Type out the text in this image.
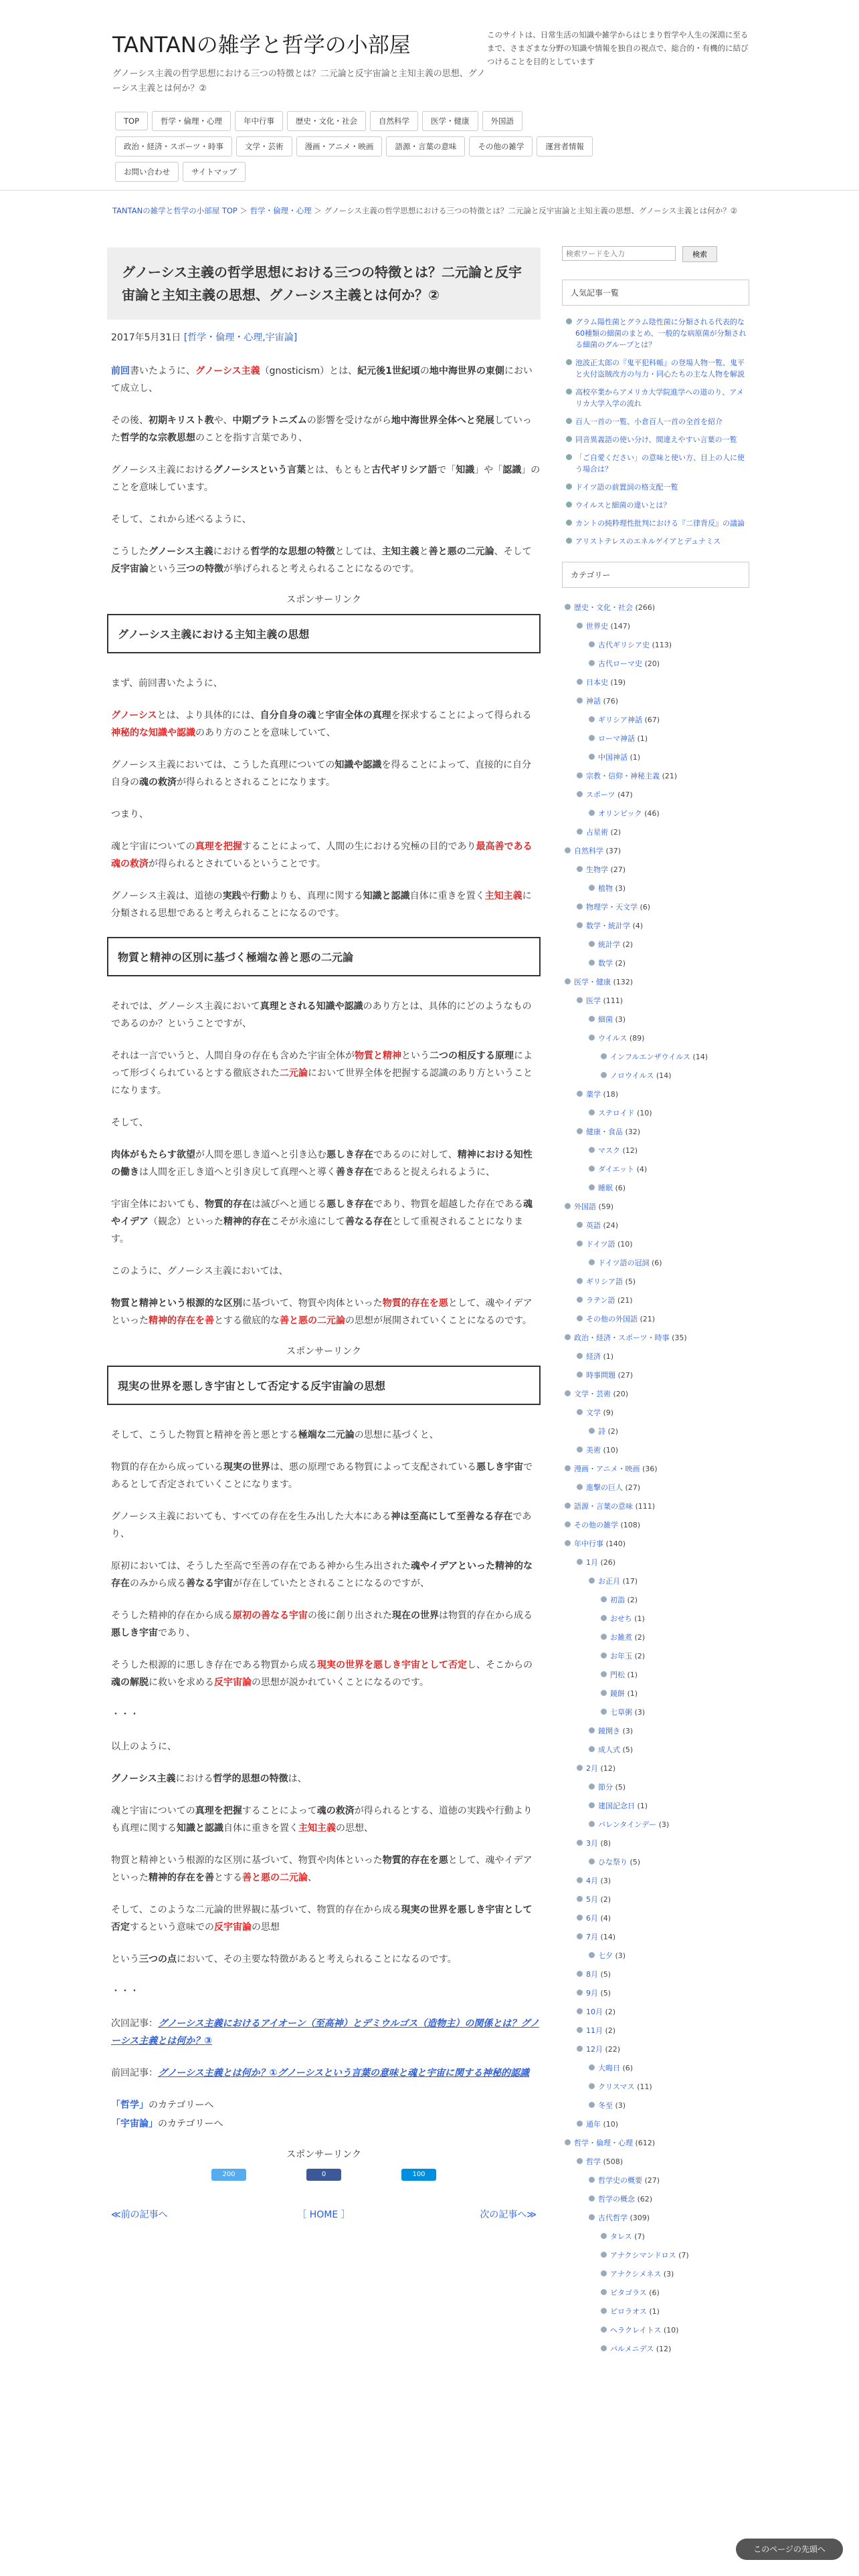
TANTANの雑学と哲学の小部屋
グノーシス主義の哲学思想における三つの特徴とは？二元論と反宇宙論と主知主義の思想、グノーシス主義とは何か？②
このサイトは、日常生活の知識や雑学からはじまり哲学や人生の深淵に至るまで、さまざまな分野の知識や情報を独自の視点で、総合的・有機的に結びつけることを目的としています
TOP	哲学・倫理・心理	年中行事	歴史・文化・社会	自然科学	医学・健康	外国語
政治・経済・スポーツ・時事	文学・芸術	漫画・アニメ・映画	語源・言葉の意味	その他の雑学	運営者情報
お問い合わせ	サイトマップ
TANTANの雑学と哲学の小部屋 TOP ＞ 哲学・倫理・心理 ＞ グノーシス主義の哲学思想における三つの特徴とは？二元論と反宇宙論と主知主義の思想、グノーシス主義とは何か？②
グノーシス主義の哲学思想における三つの特徴とは？二元論と反宇宙論と主知主義の思想、グノーシス主義とは何か？②
2017年5月31日 [哲学・倫理・心理,宇宙論]

前回書いたように、グノーシス主義（gnosticism）とは、紀元後1世紀頃の地中海世界の東側において成立し、

その後、初期キリスト教や、中期プラトニズムの影響を受けながら地中海世界全体へと発展していった哲学的な宗教思想のことを指す言葉であり、

グノーシス主義におけるグノーシスという言葉とは、もともと古代ギリシア語で「知識」や「認識」のことを意味しています。

そして、これから述べるように、

こうしたグノーシス主義における哲学的な思想の特徴としては、主知主義と善と悪の二元論、そして反宇宙論という三つの特徴が挙げられると考えられることになるのです。

スポンサーリンク
グノーシス主義における主知主義の思想

まず、前回書いたように、

グノーシスとは、より具体的には、自分自身の魂と宇宙全体の真理を探求することによって得られる神秘的な知識や認識のあり方のことを意味していて、

グノーシス主義においては、こうした真理についての知識や認識を得ることによって、直接的に自分自身の魂の救済が得られるとされることになります。

つまり、

魂と宇宙についての真理を把握することによって、人間の生における究極の目的であり最高善である魂の救済が得られるとされているということです。

グノーシス主義は、道徳の実践や行動よりも、真理に関する知識と認識自体に重きを置く主知主義に分類される思想であると考えられることになるのです。

物質と精神の区別に基づく極端な善と悪の二元論

それでは、グノーシス主義において真理とされる知識や認識のあり方とは、具体的にどのようなものであるのか？ということですが、

それは一言でいうと、人間自身の存在も含めた宇宙全体が物質と精神という二つの相反する原理によって形づくられているとする徹底された二元論において世界全体を把握する認識のあり方ということになります。

そして、

肉体がもたらす欲望が人間を悪しき道へと引き込む悪しき存在であるのに対して、精神における知性の働きは人間を正しき道へと引き戻して真理へと導く善き存在であると捉えられるように、

宇宙全体においても、物質的存在は滅びへと通じる悪しき存在であり、物質を超越した存在である魂やイデア（観念）といった精神的存在こそが永遠にして善なる存在として重視されることになります。

このように、グノーシス主義においては、

物質と精神という根源的な区別に基づいて、物質や肉体といった物質的存在を悪として、魂やイデアといった精神的存在を善とする徹底的な善と悪の二元論の思想が展開されていくことになるのです。

スポンサーリンク
現実の世界を悪しき宇宙として否定する反宇宙論の思想

そして、こうした物質と精神を善と悪とする極端な二元論の思想に基づくと、

物質的存在から成っている現実の世界は、悪の原理である物質によって支配されている悪しき宇宙であるとして否定されていくことになります。

グノーシス主義においても、すべての存在を生み出した大本にある神は至高にして至善なる存在であり、

原初においては、そうした至高で至善の存在である神から生み出された魂やイデアといった精神的な存在のみから成る善なる宇宙が存在していたとされることになるのですが、

そうした精神的存在から成る原初の善なる宇宙の後に創り出された現在の世界は物質的存在から成る悪しき宇宙であり、

そうした根源的に悪しき存在である物質から成る現実の世界を悪しき宇宙として否定し、そこからの魂の解脱に救いを求める反宇宙論の思想が説かれていくことになるのです。

・・・

以上のように、

グノーシス主義における哲学的思想の特徴は、

魂と宇宙についての真理を把握することによって魂の救済が得られるとする、道徳の実践や行動よりも真理に関する知識と認識自体に重きを置く主知主義の思想、

物質と精神という根源的な区別に基づいて、物質や肉体といった物質的存在を悪として、魂やイデアといった精神的存在を善とする善と悪の二元論、

そして、このような二元論的世界観に基づいて、物質的存在から成る現実の世界を悪しき宇宙として否定するという意味での反宇宙論の思想

という三つの点において、その主要な特徴があると考えられることになるのです。

・・・

次回記事：グノーシス主義におけるアイオーン（至高神）とデミウルゴス（造物主）の関係とは？グノーシス主義とは何か？③

前回記事：グノーシス主義とは何か？①グノーシスという言葉の意味と魂と宇宙に関する神秘的認識

「哲学」のカテゴリーへ

「宇宙論」のカテゴリーへ

スポンサーリンク
200	0	100
≪前の記事へ	［ HOME ］	次の記事へ≫
検索ワードを入力
検索
人気記事一覧
グラム陽性菌とグラム陰性菌に分類される代表的な60種類の細菌のまとめ、一般的な病原菌が分類される細菌のグループとは？
池波正太郎の『鬼平犯科帳』の登場人物一覧、鬼平と火付盗賊改方の与力・同心たちの主な人物を解説
高校卒業からアメリカ大学院進学への道のり、アメリカ大学入学の流れ
百人一首の一覧、小倉百人一首の全首を紹介
同音異義語の使い分け、間違えやすい言葉の一覧
「ご自愛ください」の意味と使い方、目上の人に使う場合は？
ドイツ語の前置詞の格支配一覧
ウイルスと細菌の違いとは？
カントの純粋理性批判における『二律背反』の議論
アリストテレスのエネルゲイアとデュナミス
カテゴリー
歴史・文化・社会 (266)
世界史 (147)
古代ギリシア史 (113)
古代ローマ史 (20)
日本史 (19)
神話 (76)
ギリシア神話 (67)
ローマ神話 (1)
中国神話 (1)
宗教・信仰・神秘主義 (21)
スポーツ (47)
オリンピック (46)
占星術 (2)
自然科学 (37)
生物学 (27)
植物 (3)
物理学・天文学 (6)
数学・統計学 (4)
統計学 (2)
数学 (2)
医学・健康 (132)
医学 (111)
細菌 (3)
ウイルス (89)
インフルエンザウイルス (14)
ノロウイルス (14)
薬学 (18)
ステロイド (10)
健康・食品 (32)
マスク (12)
ダイエット (4)
睡眠 (6)
外国語 (59)
英語 (24)
ドイツ語 (10)
ドイツ語の冠詞 (6)
ギリシア語 (5)
ラテン語 (21)
その他の外国語 (21)
政治・経済・スポーツ・時事 (35)
経済 (1)
時事問題 (27)
文学・芸術 (20)
文学 (9)
詩 (2)
美術 (10)
漫画・アニメ・映画 (36)
進撃の巨人 (27)
語源・言葉の意味 (111)
その他の雑学 (108)
年中行事 (140)
1月 (26)
お正月 (17)
初詣 (2)
おせち (1)
お雑煮 (2)
お年玉 (2)
門松 (1)
鏡餅 (1)
七草粥 (3)
鏡開き (3)
成人式 (5)
2月 (12)
節分 (5)
建国記念日 (1)
バレンタインデー (3)
3月 (8)
ひな祭り (5)
4月 (3)
5月 (2)
6月 (4)
7月 (14)
七夕 (3)
8月 (5)
9月 (5)
10月 (2)
11月 (2)
12月 (22)
大晦日 (6)
クリスマス (11)
冬至 (3)
通年 (10)
哲学・倫理・心理 (612)
哲学 (508)
哲学史の概要 (27)
哲学の概念 (62)
古代哲学 (309)
タレス (7)
アナクシマンドロス (7)
アナクシメネス (3)
ピタゴラス (6)
ピロラオス (1)
ヘラクレイトス (10)
パルメニデス (12)
このページの先頭へ
